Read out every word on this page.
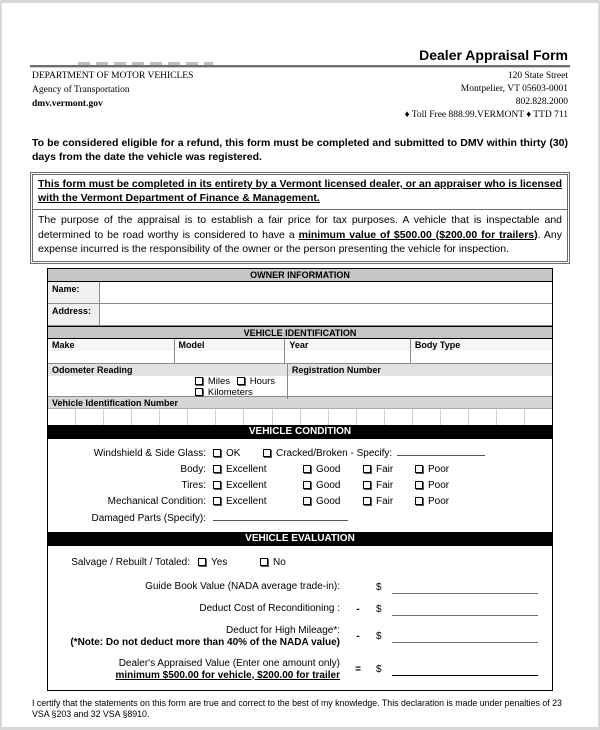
Dealer Appraisal Form
DEPARTMENT OF MOTOR VEHICLES
Agency of Transportation
dmv.vermont.gov
120 State Street
Montpelier, VT 05603-0001
802.828.2000
♦ Toll Free 888.99.VERMONT ♦ TTD 711
To be considered eligible for a refund, this form must be completed and submitted to DMV within thirty (30) days from the date the vehicle was registered.
This form must be completed in its entirety by a Vermont licensed dealer, or an appraiser who is licensed with the Vermont Department of Finance & Management.
The purpose of the appraisal is to establish a fair price for tax purposes. A vehicle that is inspectable and determined to be road worthy is considered to have a minimum value of $500.00 ($200.00 for trailers). Any expense incurred is the responsibility of the owner or the person presenting the vehicle for inspection.
OWNER INFORMATION
Name:
Address:
VEHICLE IDENTIFICATION
Make	Model	Year	Body Type
Odometer Reading
Miles Hours
Kilometers
Registration Number
Vehicle Identification Number
VEHICLE CONDITION
Windshield & Side Glass:	OK	Cracked/Broken - Specify:
Body:	Excellent	Good	Fair	Poor
Tires:	Excellent	Good	Fair	Poor
Mechanical Condition:	Excellent	Good	Fair	Poor
Damaged Parts (Specify):
VEHICLE EVALUATION
Salvage / Rebuilt / Totaled:	Yes	No
Guide Book Value (NADA average trade-in):	$
Deduct Cost of Reconditioning :	-	$
Deduct for High Mileage*:
(*Note: Do not deduct more than 40% of the NADA value)	-	$
Dealer's Appraised Value (Enter one amount only)
minimum $500.00 for vehicle, $200.00 for trailer	=	$
I certify that the statements on this form are true and correct to the best of my knowledge. This declaration is made under penalties of 23 VSA §203 and 32 VSA §8910.
